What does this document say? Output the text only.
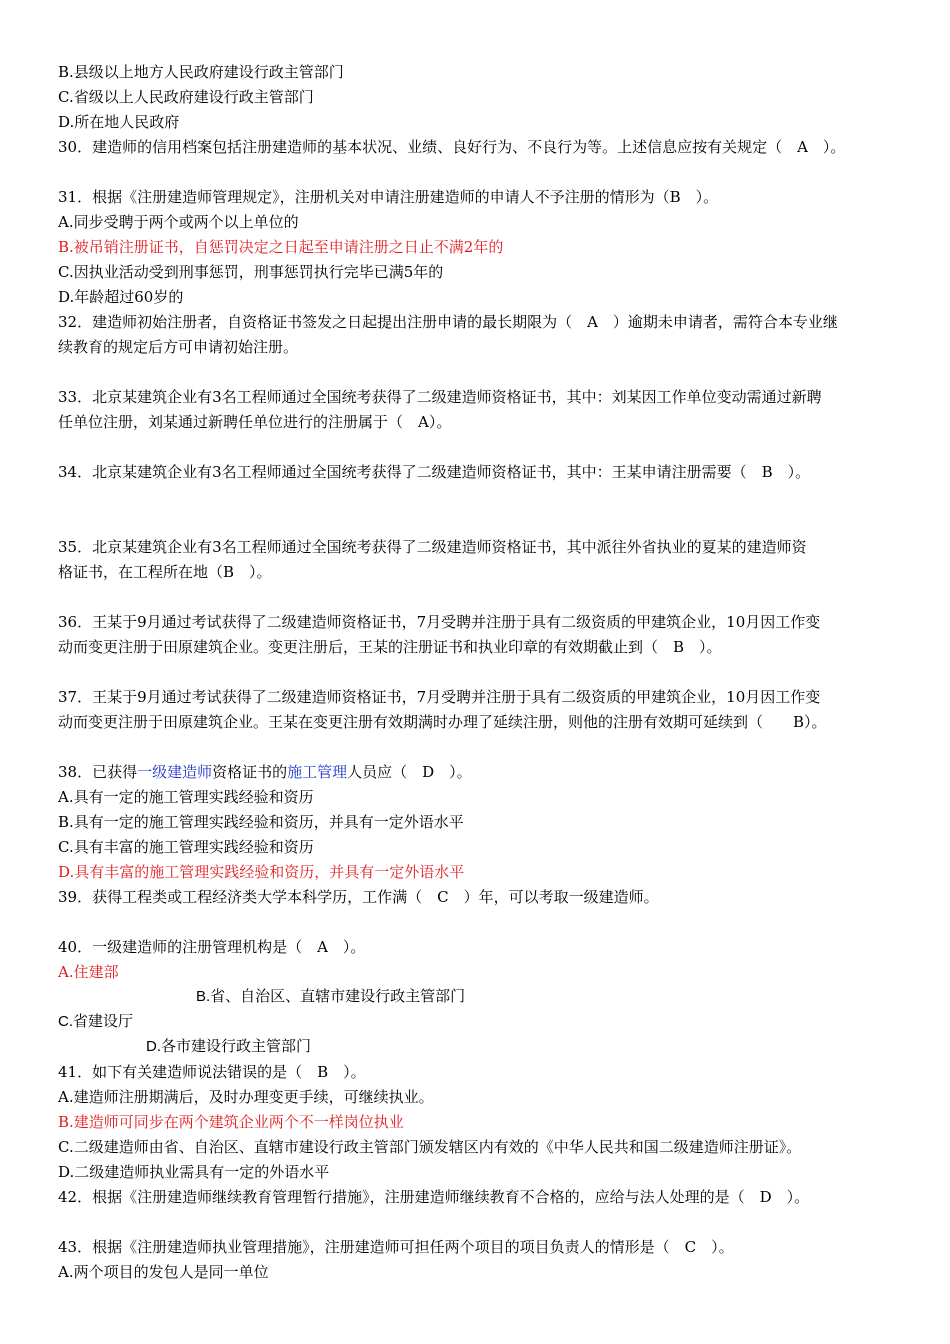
B.县级以上地方人民政府建设行政主管部门
C.省级以上人民政府建设行政主管部门
D.所在地人民政府
30．建造师的信用档案包括注册建造师的基本状况、业绩、良好行为、不良行为等。上述信息应按有关规定（　A　）。
31．根据《注册建造师管理规定》，注册机关对申请注册建造师的申请人不予注册的情形为（B　）。
A.同步受聘于两个或两个以上单位的
B.被吊销注册证书，自惩罚决定之日起至申请注册之日止不满2年的
C.因执业活动受到刑事惩罚，刑事惩罚执行完毕已满5年的
D.年龄超过60岁的
32．建造师初始注册者，自资格证书签发之日起提出注册申请的最长期限为（　A　）逾期未申请者，需符合本专业继
续教育的规定后方可申请初始注册。
33．北京某建筑企业有3名工程师通过全国统考获得了二级建造师资格证书，其中：刘某因工作单位变动需通过新聘
任单位注册，刘某通过新聘任单位进行的注册属于（　A）。
34．北京某建筑企业有3名工程师通过全国统考获得了二级建造师资格证书，其中：王某申请注册需要（　B　）。
35．北京某建筑企业有3名工程师通过全国统考获得了二级建造师资格证书，其中派往外省执业的夏某的建造师资
格证书，在工程所在地（B　）。
36．王某于9月通过考试获得了二级建造师资格证书，7月受聘并注册于具有二级资质的甲建筑企业，10月因工作变
动而变更注册于田原建筑企业。变更注册后，王某的注册证书和执业印章的有效期截止到（　B　）。
37．王某于9月通过考试获得了二级建造师资格证书，7月受聘并注册于具有二级资质的甲建筑企业，10月因工作变
动而变更注册于田原建筑企业。王某在变更注册有效期满时办理了延续注册，则他的注册有效期可延续到（　　B）。
38．已获得一级建造师资格证书的施工管理人员应（　D　）。
A.具有一定的施工管理实践经验和资历
B.具有一定的施工管理实践经验和资历，并具有一定外语水平
C.具有丰富的施工管理实践经验和资历
D.具有丰富的施工管理实践经验和资历，并具有一定外语水平
39．获得工程类或工程经济类大学本科学历，工作满（　C　）年，可以考取一级建造师。
40．一级建造师的注册管理机构是（　A　）。
A.住建部
B.省、自治区、直辖市建设行政主管部门
C.省建设厅
D.各市建设行政主管部门
41．如下有关建造师说法错误的是（　B　）。
A.建造师注册期满后，及时办理变更手续，可继续执业。
B.建造师可同步在两个建筑企业两个不一样岗位执业
C.二级建造师由省、自治区、直辖市建设行政主管部门颁发辖区内有效的《中华人民共和国二级建造师注册证》。
D.二级建造师执业需具有一定的外语水平
42．根据《注册建造师继续教育管理暂行措施》，注册建造师继续教育不合格的，应给与法人处理的是（　D　）。
43．根据《注册建造师执业管理措施》，注册建造师可担任两个项目的项目负责人的情形是（　C　）。
A.两个项目的发包人是同一单位
